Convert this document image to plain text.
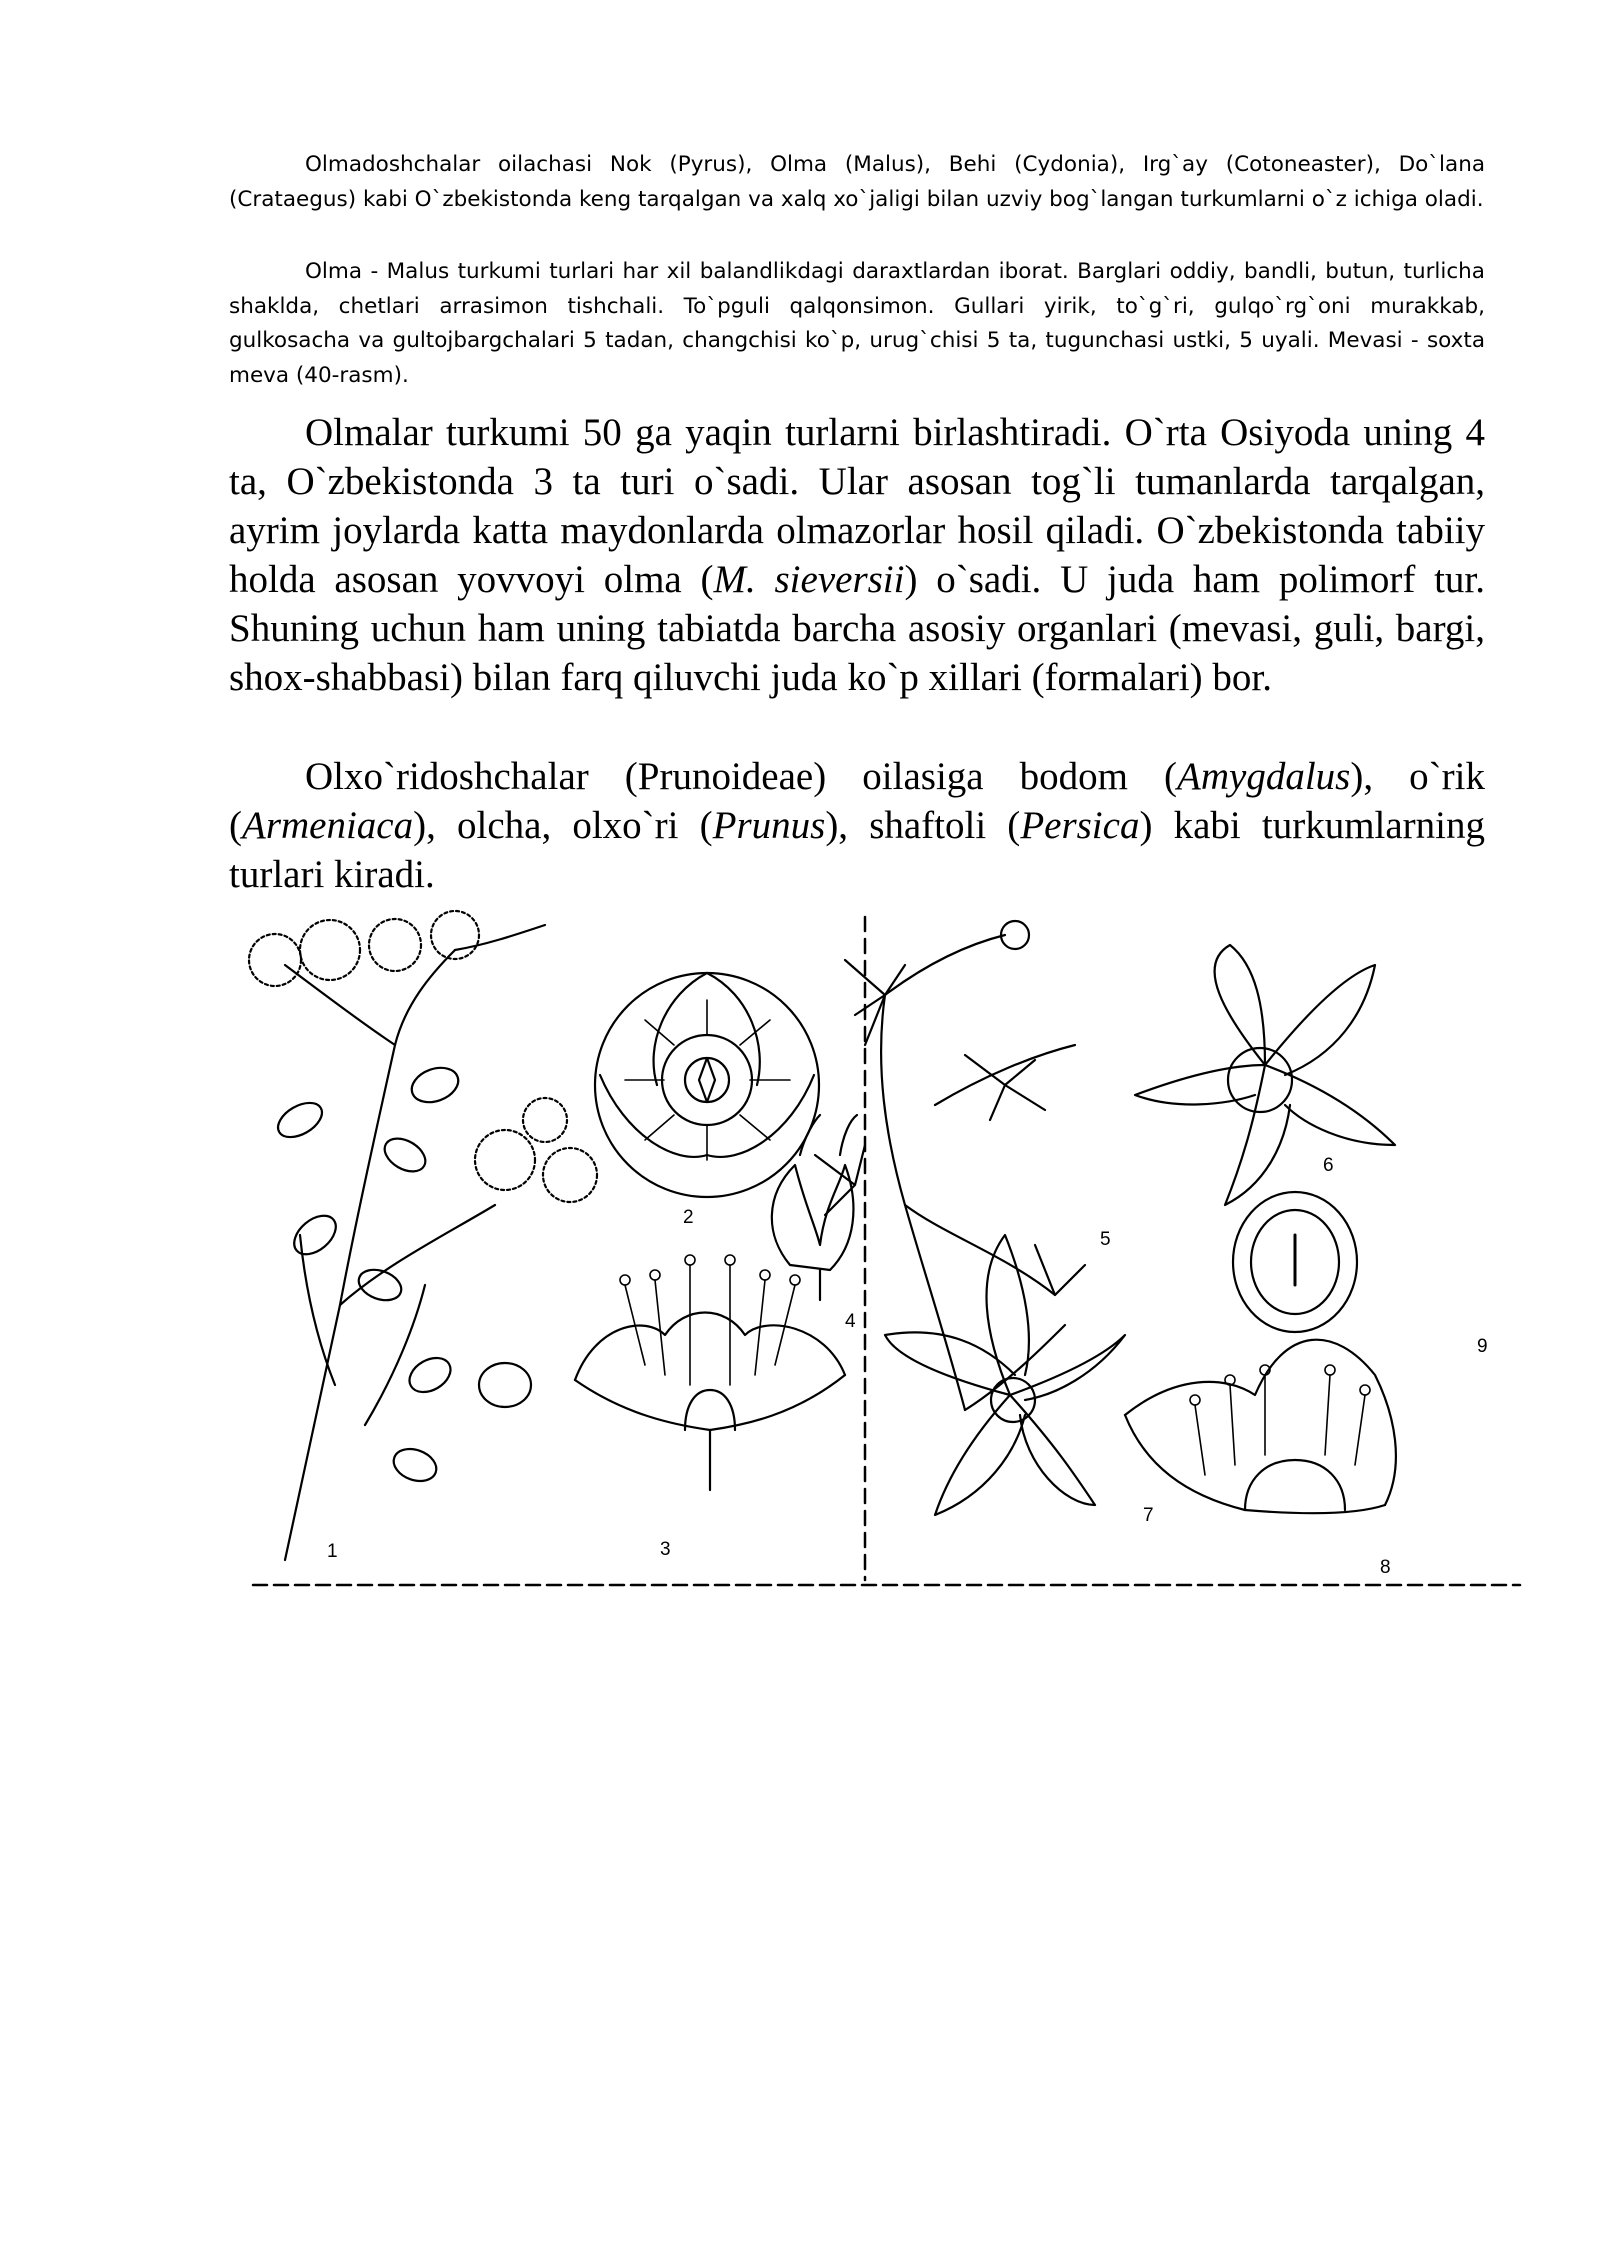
Olmadoshchalar oilachasi Nok (Pyrus), Olma (Malus), Behi (Cydonia), Irg`ay (Cotoneaster), Do`lana (Crataegus) kabi O`zbekistonda keng tarqalgan va xalq xo`jaligi bilan uzviy bog`langan turkumlarni o`z ichiga oladi.

Olma - Malus turkumi turlari har xil balandlikdagi daraxtlardan iborat. Barglari oddiy, bandli, butun, turlicha shaklda, chetlari arrasimon tishchali. To`pguli qalqonsimon. Gullari yirik, to`g`ri, gulqo`rg`oni murakkab, gulkosacha va gultojbargchalari 5 tadan, changchisi ko`p, urug`chisi 5 ta, tugunchasi ustki, 5 uyali. Mevasi - soxta meva (40-rasm).

Olmalar turkumi 50 ga yaqin turlarni birlashtiradi. O`rta Osiyoda uning 4 ta, O`zbekistonda 3 ta turi o`sadi. Ular asosan tog`li tumanlarda tarqalgan, ayrim joylarda katta maydonlarda olmazorlar hosil qiladi. O`zbekistonda tabiiy holda asosan yovvoyi olma (M. sieversii) o`sadi. U juda ham polimorf tur. Shuning uchun ham uning tabiatda barcha asosiy organlari (mevasi, guli, bargi, shox-shabbasi) bilan farq qiluvchi juda ko`p xillari (formalari) bor.

Olxo`ridoshchalar (Prunoideae) oilasiga bodom (Amygdalus), o`rik (Armeniaca), olcha, olxo`ri (Prunus), shaftoli (Persica) kabi turkumlarning turlari kiradi.

1
2
3
4
5
6
7
8
9
